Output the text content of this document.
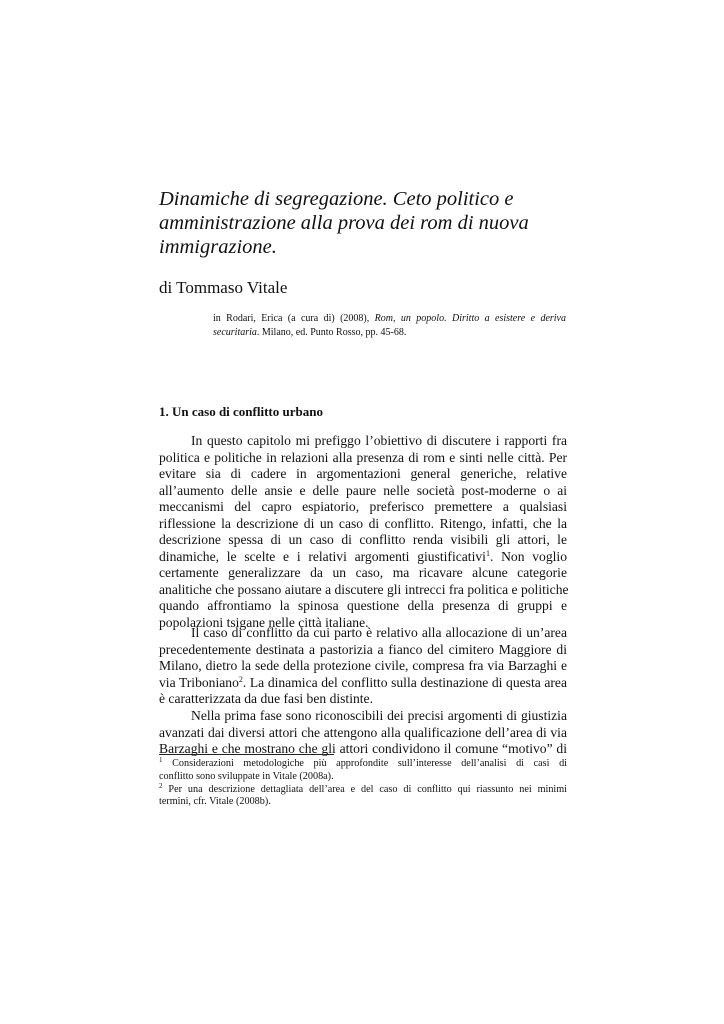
Dinamiche di segregazione. Ceto politico e
amministrazione alla prova dei rom di nuova
immigrazione.

di Tommaso Vitale

in Rodari, Erica (a cura di) (2008), Rom, un popolo. Diritto a esistere e deriva securitaria. Milano, ed. Punto Rosso, pp. 45-68.

1. Un caso di conflitto urbano
In questo capitolo mi prefiggo l’obiettivo di discutere i rapporti fra
politica e politiche in relazioni alla presenza di rom e sinti nelle città. Per
evitare sia di cadere in argomentazioni general generiche, relative
all’aumento delle ansie e delle paure nelle società post-moderne o ai
meccanismi del capro espiatorio, preferisco premettere a qualsiasi
riflessione la descrizione di un caso di conflitto. Ritengo, infatti, che la
descrizione spessa di un caso di conflitto renda visibili gli attori, le
dinamiche, le scelte e i relativi argomenti giustificativi$^1$. Non voglio
certamente generalizzare da un caso, ma ricavare alcune categorie
analitiche che possano aiutare a discutere gli intrecci fra politica e politiche
quando affrontiamo la spinosa questione della presenza di gruppi e
popolazioni tsigane nelle città italiane.
Il caso di conflitto da cui parto è relativo alla allocazione di un’area
precedentemente destinata a pastorizia a fianco del cimitero Maggiore di
Milano, dietro la sede della protezione civile, compresa fra via Barzaghi e
via Triboniano$^2$. La dinamica del conflitto sulla destinazione di questa area
è caratterizzata da due fasi ben distinte.
Nella prima fase sono riconoscibili dei precisi argomenti di giustizia
avanzati dai diversi attori che attengono alla qualificazione dell’area di via
Barzaghi e che mostrano che gli attori condividono il comune “motivo” di
$^1$ Considerazioni metodologiche più approfondite sull’interesse dell’analisi di casi di
conflitto sono sviluppate in Vitale (2008a).
$^2$ Per una descrizione dettagliata dell’area e del caso di conflitto qui riassunto nei minimi
termini, cfr. Vitale (2008b).
